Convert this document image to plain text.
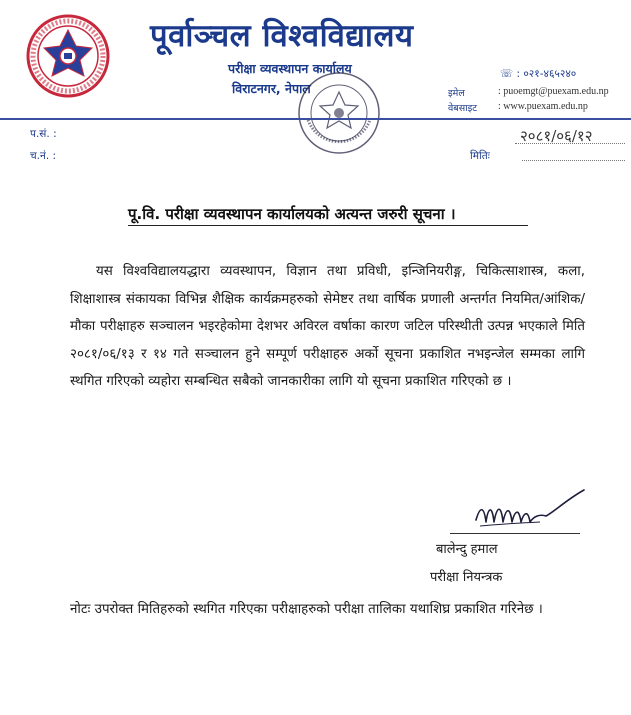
पूर्वाञ्चल विश्वविद्यालय
परीक्षा व्यवस्थापन कार्यालय
विराटनगर, नेपाल
☏ : ०२१-४६५२४०
इमेल	: puoemgt@puexam.edu.np
वेबसाइट : www.puexam.edu.np
प.सं. :
च.नं. :
२०८१/०६/१२
मितिः
पू.वि. परीक्षा व्यवस्थापन कार्यालयको अत्यन्त जरुरी सूचना ।
यस विश्वविद्यालयद्धारा व्यवस्थापन, विज्ञान तथा प्रविधी, इन्जिनियरीङ्ग, चिकित्साशास्त्र, कला, शिक्षाशास्त्र संकायका विभिन्न शैक्षिक कार्यक्रमहरुको सेमेष्टर तथा वार्षिक प्रणाली अन्तर्गत नियमित/आंशिक/मौका परीक्षाहरु सञ्चालन भइरहेकोमा देशभर अविरल वर्षाका कारण जटिल परिस्थीती उत्पन्न भएकाले मिति २०८१/०६/१३ र १४ गते सञ्चालन हुने सम्पूर्ण परीक्षाहरु अर्को सूचना प्रकाशित नभइन्जेल सम्मका लागि स्थगित गरिएको व्यहोरा सम्बन्धित सबैको जानकारीका लागि यो सूचना प्रकाशित गरिएको छ ।
बालेन्दु हमाल
परीक्षा नियन्त्रक
नोटः उपरोक्त मितिहरुको स्थगित गरिएका परीक्षाहरुको परीक्षा तालिका यथाशिघ्र प्रकाशित गरिनेछ ।
